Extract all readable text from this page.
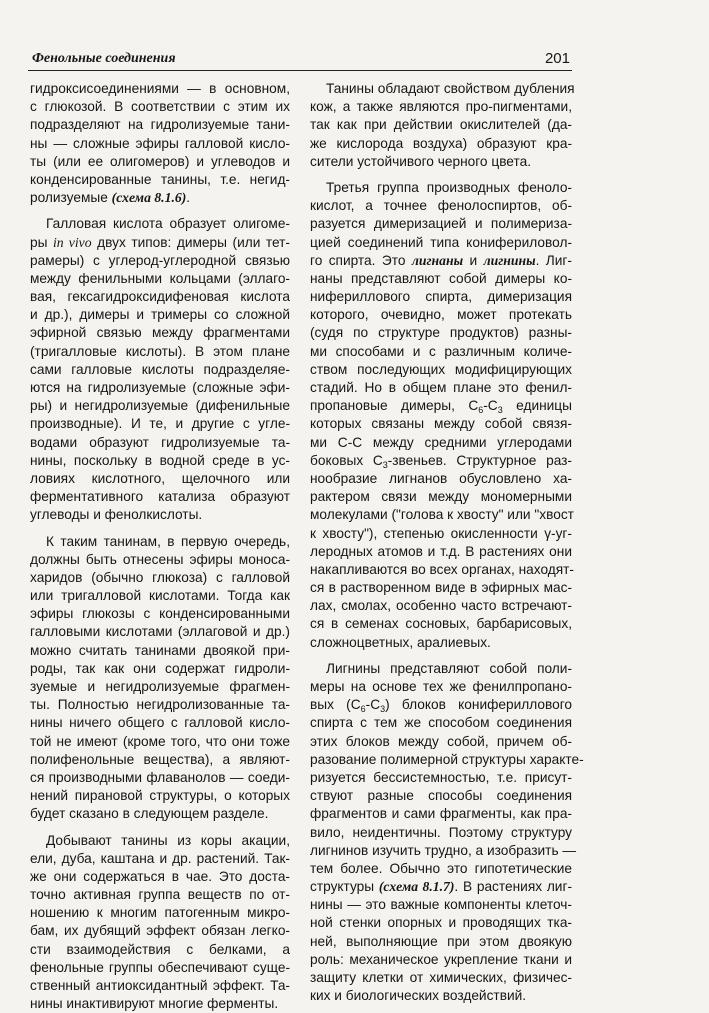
Фенольные соединения	201
гидроксисоединениями — в основном,
с глюкозой. В соответствии с этим их
подразделяют на гидролизуемые тани-
ны — сложные эфиры галловой кисло-
ты (или ее олигомеров) и углеводов и
конденсированные танины, т.е. негид-
ролизуемые (схема 8.1.6).
Галловая кислота образует олигоме-
ры in vivo двух типов: димеры (или тет-
рамеры) с углерод-углеродной связью
между фенильными кольцами (эллаго-
вая, гексагидроксидифеновая кислота
и др.), димеры и тримеры со сложной
эфирной связью между фрагментами
(тригалловые кислоты). В этом плане
сами галловые кислоты подразделяе-
ются на гидролизуемые (сложные эфи-
ры) и негидролизуемые (дифенильные
производные). И те, и другие с угле-
водами образуют гидролизуемые та-
нины, поскольку в водной среде в ус-
ловиях кислотного, щелочного или
ферментативного катализа образуют
углеводы и фенолкислоты.
К таким танинам, в первую очередь,
должны быть отнесены эфиры моноса-
харидов (обычно глюкоза) с галловой
или тригалловой кислотами. Тогда как
эфиры глюкозы с конденсированными
галловыми кислотами (эллаговой и др.)
можно считать танинами двоякой при-
роды, так как они содержат гидроли-
зуемые и негидролизуемые фрагмен-
ты. Полностью негидролизованные та-
нины ничего общего с галловой кисло-
той не имеют (кроме того, что они тоже
полифенольные вещества), а являют-
ся производными флаванолов — соеди-
нений пирановой структуры, о которых
будет сказано в следующем разделе.
Добывают танины из коры акации,
ели, дуба, каштана и др. растений. Так-
же они содержаться в чае. Это доста-
точно активная группа веществ по от-
ношению к многим патогенным микро-
бам, их дубящий эффект обязан легко-
сти взаимодействия с белками, а
фенольные группы обеспечивают суще-
ственный антиоксидантный эффект. Та-
нины инактивируют многие ферменты.
Танины обладают свойством дубления
кож, а также являются про-пигментами,
так как при действии окислителей (да-
же кислорода воздуха) образуют кра-
сители устойчивого черного цвета.
Третья группа производных феноло-
кислот, а точнее фенолоспиртов, об-
разуется димеризацией и полимериза-
цией соединений типа конифериловол-
го спирта. Это лигнаны и лигнины. Лиг-
наны представляют собой димеры ко-
нифериллового спирта, димеризация
которого, очевидно, может протекать
(судя по структуре продуктов) разны-
ми способами и с различным количе-
ством последующих модифицирующих
стадий. Но в общем плане это фенил-
пропановые димеры, $C_6-C_3$ единицы
которых связаны между собой связя-
ми С-С между средними углеродами
боковых $C_3$-звеньев. Структурное раз-
нообразие лигнанов обусловлено ха-
рактером связи между мономерными
молекулами ("голова к хвосту" или "хвост
к хвосту"), степенью окисленности γ-уг-
леродных атомов и т.д. В растениях они
накапливаются во всех органах, находят-
ся в растворенном виде в эфирных мас-
лах, смолах, особенно часто встречают-
ся в семенах сосновых, барбарисовых,
сложноцветных, аралиевых.
Лигнины представляют собой поли-
меры на основе тех же фенилпропано-
вых $(C_6-C_3)$ блоков конифериллового
спирта с тем же способом соединения
этих блоков между собой, причем об-
разование полимерной структуры характе-
ризуется бессистемностью, т.е. присут-
ствуют разные способы соединения
фрагментов и сами фрагменты, как пра-
вило, неидентичны. Поэтому структуру
лигнинов изучить трудно, а изобразить —
тем более. Обычно это гипотетические
структуры (схема 8.1.7). В растениях лиг-
нины — это важные компоненты клеточ-
ной стенки опорных и проводящих тка-
ней, выполняющие при этом двоякую
роль: механическое укрепление ткани и
защиту клетки от химических, физичес-
ких и биологических воздействий.
